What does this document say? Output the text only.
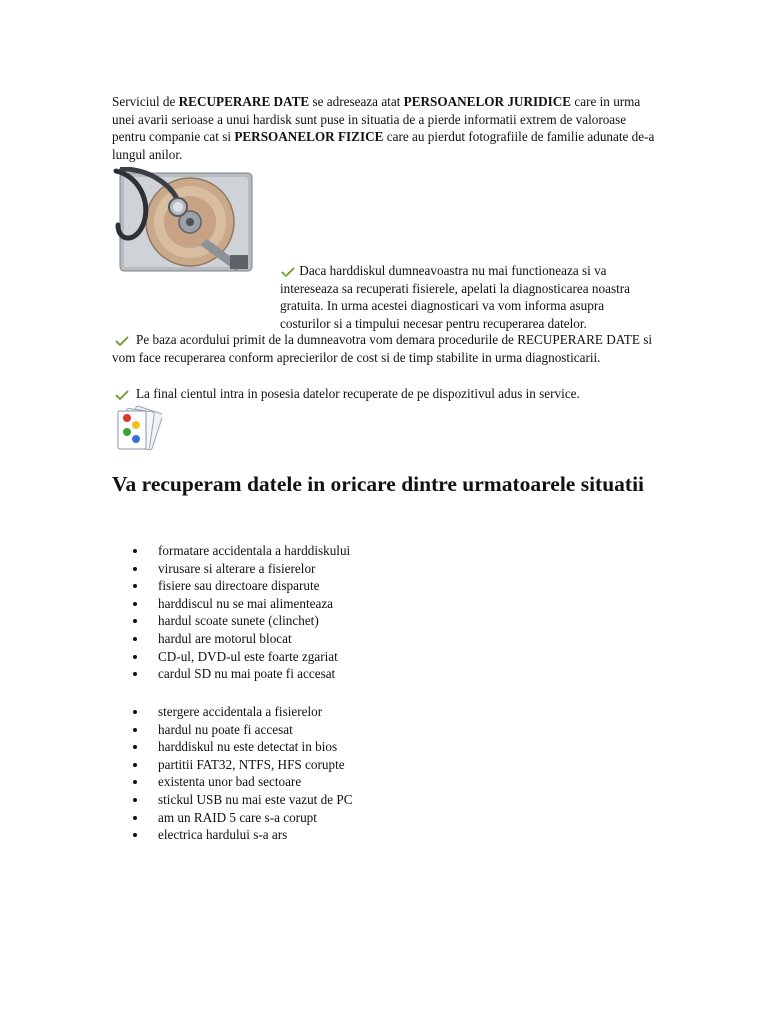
Serviciul de RECUPERARE DATE se adreseaza atat PERSOANELOR JURIDICE care in urma unei avarii serioase a unui hardisk sunt puse in situatia de a pierde informatii extrem de valoroase pentru companie cat si PERSOANELOR FIZICE care au pierdut fotografiile de familie adunate de-a lungul anilor.
Daca harddiskul dumneavoastra nu mai functioneaza si va intereseaza sa recuperati fisierele, apelati la diagnosticarea noastra gratuita. In urma acestei diagnosticari va vom informa asupra costurilor si a timpului necesar pentru recuperarea datelor.
Pe baza acordului primit de la dumneavotra vom demara procedurile de RECUPERARE DATE si vom face recuperarea conform aprecierilor de cost si de timp stabilite in urma diagnosticarii.
La final cientul intra in posesia datelor recuperate de pe dispozitivul adus in service.
Va recuperam datele in oricare dintre urmatoarele situatii
formatare accidentala a harddiskului
virusare si alterare a fisierelor
fisiere sau directoare disparute
harddiscul nu se mai alimenteaza
hardul scoate sunete (clinchet)
hardul are motorul blocat
CD-ul, DVD-ul este foarte zgariat
cardul SD nu mai poate fi accesat
stergere accidentala a fisierelor
hardul nu poate fi accesat
harddiskul nu este detectat in bios
partitii FAT32, NTFS, HFS corupte
existenta unor bad sectoare
stickul USB nu mai este vazut de PC
am un RAID 5 care s-a corupt
electrica hardului s-a ars
